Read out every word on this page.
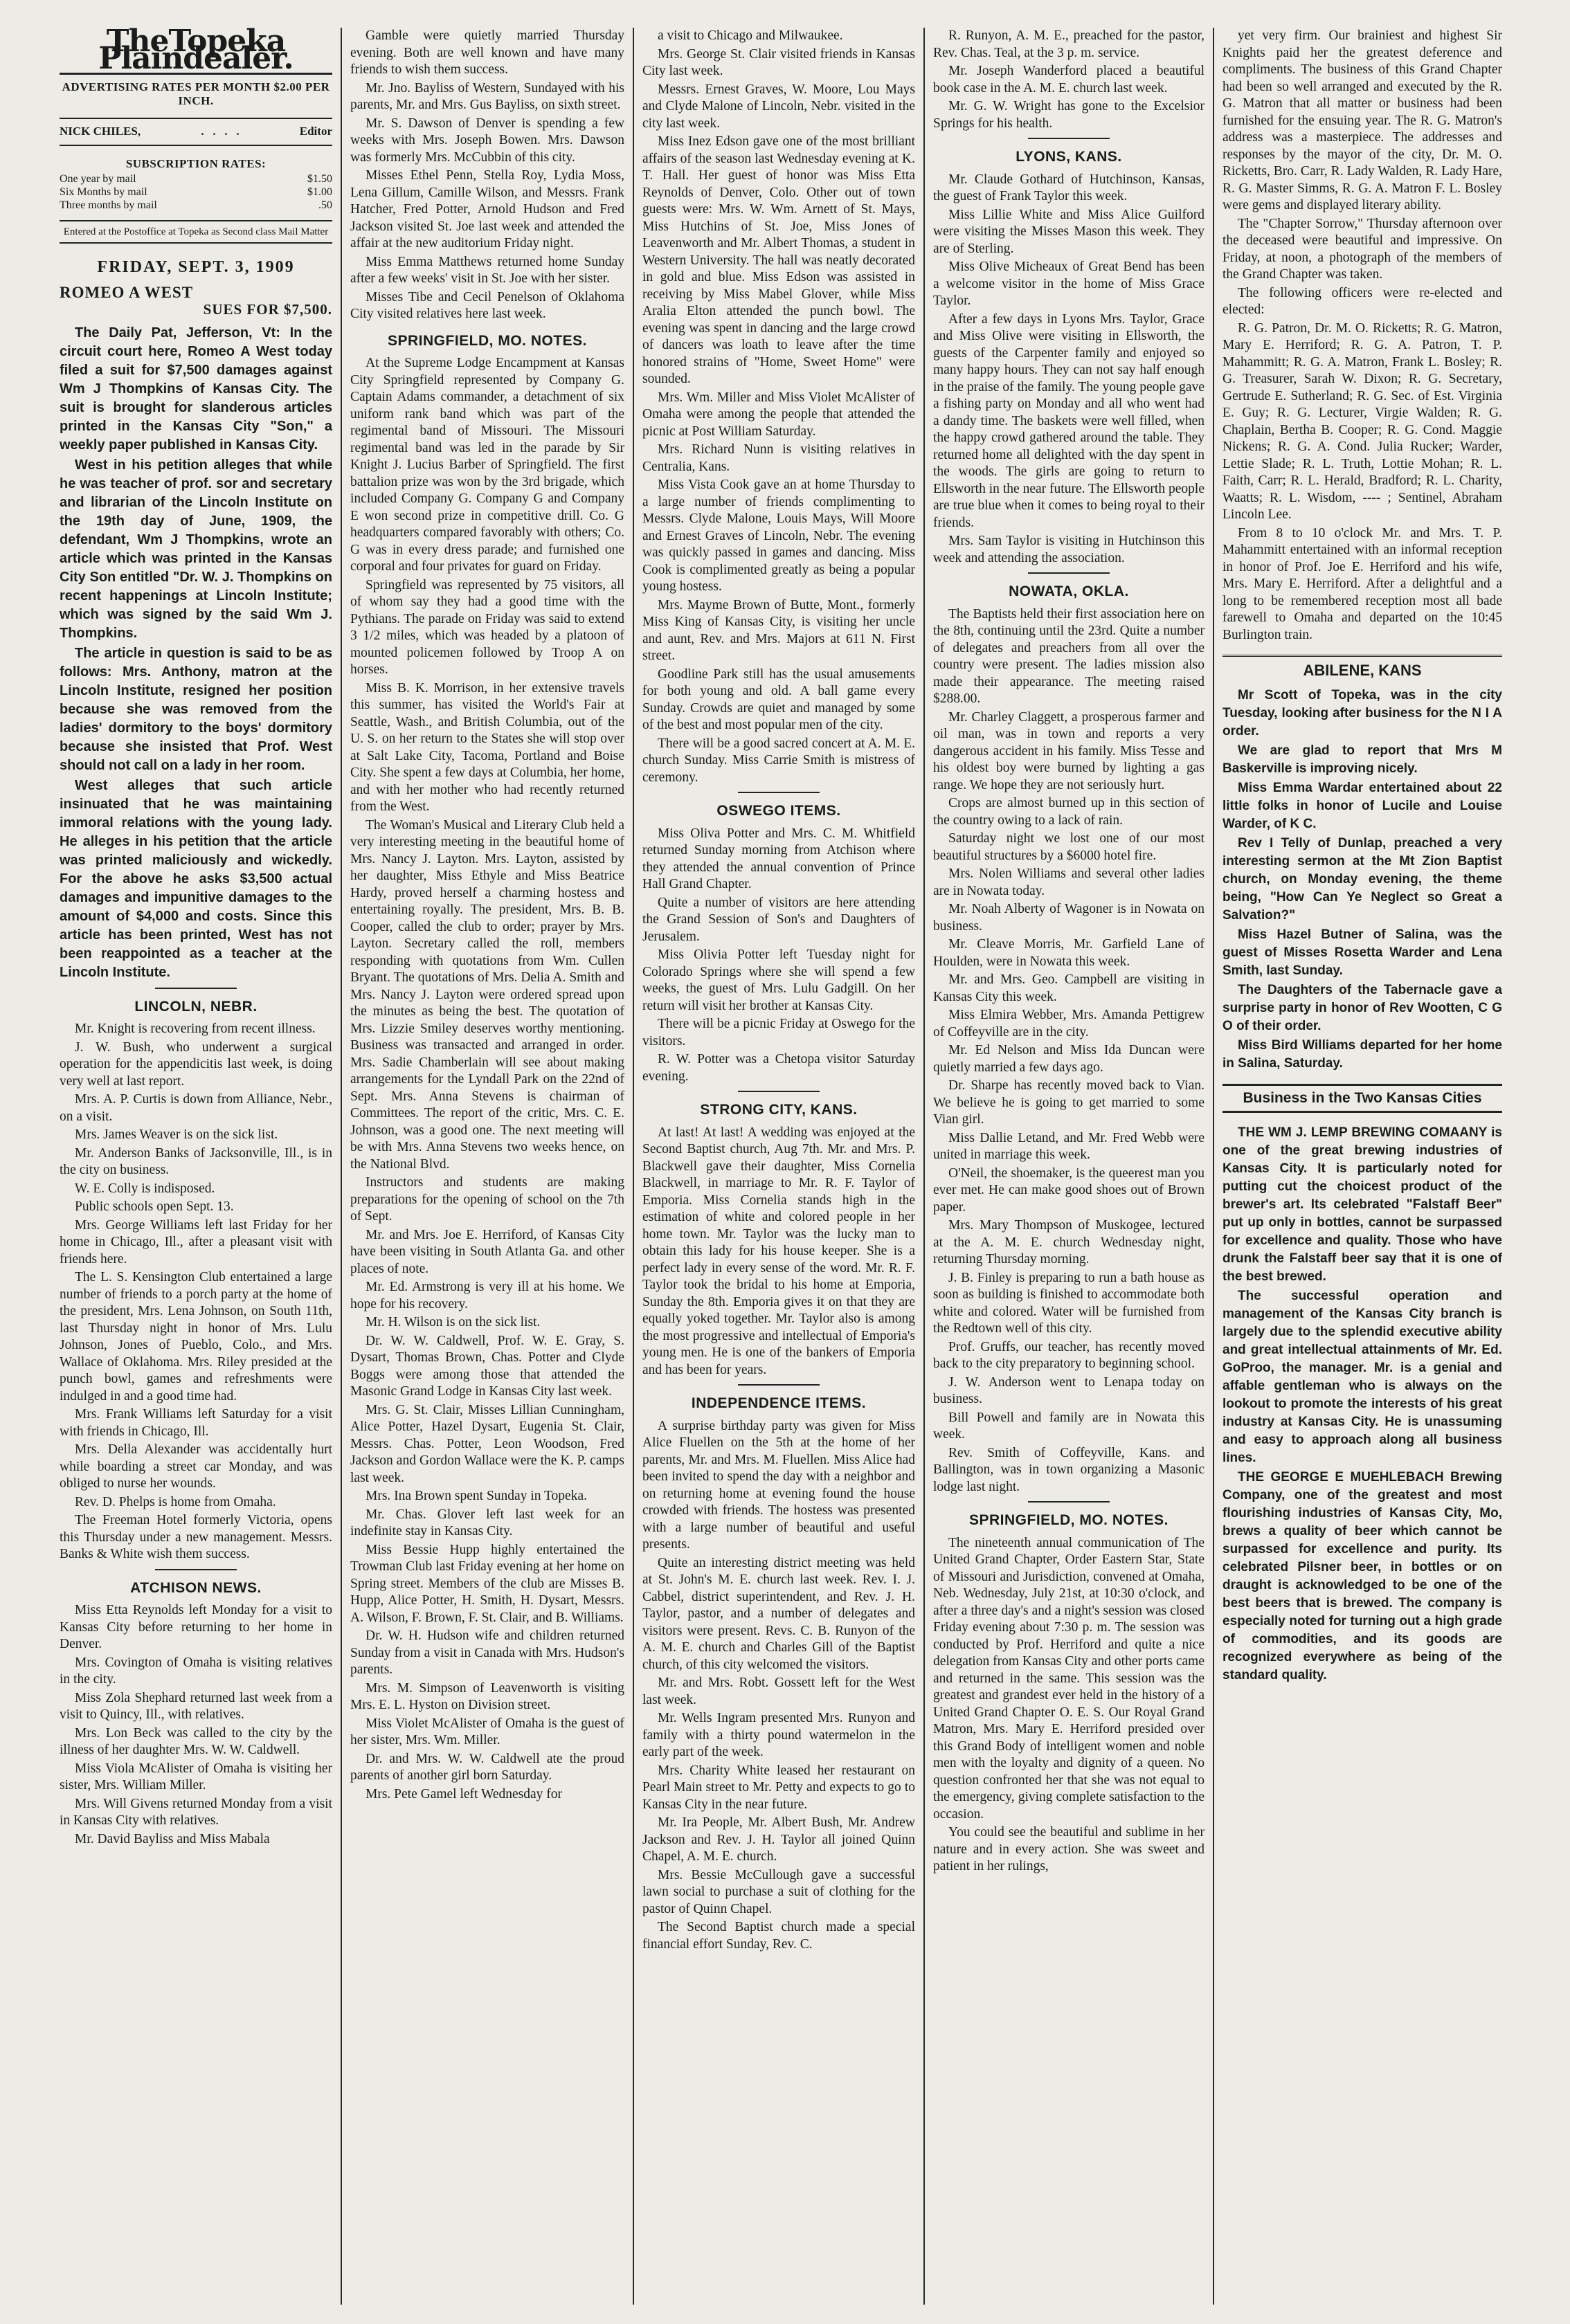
TheTopeka Plaindealer.
ADVERTISING RATES PER MONTH $2.00 PER INCH.
NICK CHILES,	.   .   .   .	Editor
SUBSCRIPTION RATES:
One year by mail	$1.50
Six Months by mail	$1.00
Three months by mail	.50
Entered at the Postoffice at Topeka as Second class Mail Matter
FRIDAY, SEPT. 3, 1909
ROMEO A WEST
SUES FOR $7,500.

The Daily Pat, Jefferson, Vt: In the circuit court here, Romeo A West today filed a suit for $7,500 damages against Wm J Thompkins of Kansas City. The suit is brought for slanderous articles printed in the Kansas City "Son," a weekly paper published in Kansas City.

West in his petition alleges that while he was teacher of prof. sor and secretary and librarian of the Lincoln Institute on the 19th day of June, 1909, the defendant, Wm J Thompkins, wrote an article which was printed in the Kansas City Son entitled "Dr. W. J. Thompkins on recent happenings at Lincoln Institute; which was signed by the said Wm J. Thompkins.

The article in question is said to be as follows: Mrs. Anthony, matron at the Lincoln Institute, resigned her position because she was removed from the ladies' dormitory to the boys' dormitory because she insisted that Prof. West should not call on a lady in her room.

West alleges that such article insinuated that he was maintaining immoral relations with the young lady. He alleges in his petition that the article was printed maliciously and wickedly. For the above he asks $3,500 actual damages and impunitive damages to the amount of $4,000 and costs. Since this article has been printed, West has not been reappointed as a teacher at the Lincoln Institute.

LINCOLN, NEBR.

Mr. Knight is recovering from recent illness.

J. W. Bush, who underwent a surgical operation for the appendicitis last week, is doing very well at last report.

Mrs. A. P. Curtis is down from Alliance, Nebr., on a visit.

Mrs. James Weaver is on the sick list.

Mr. Anderson Banks of Jacksonville, Ill., is in the city on business.

W. E. Colly is indisposed.

Public schools open Sept. 13.

Mrs. George Williams left last Friday for her home in Chicago, Ill., after a pleasant visit with friends here.

The L. S. Kensington Club entertained a large number of friends to a porch party at the home of the president, Mrs. Lena Johnson, on South 11th, last Thursday night in honor of Mrs. Lulu Johnson, Jones of Pueblo, Colo., and Mrs. Wallace of Oklahoma. Mrs. Riley presided at the punch bowl, games and refreshments were indulged in and a good time had.

Mrs. Frank Williams left Saturday for a visit with friends in Chicago, Ill.

Mrs. Della Alexander was accidentally hurt while boarding a street car Monday, and was obliged to nurse her wounds.

Rev. D. Phelps is home from Omaha.

The Freeman Hotel formerly Victoria, opens this Thursday under a new management. Messrs. Banks & White wish them success.

ATCHISON NEWS.

Miss Etta Reynolds left Monday for a visit to Kansas City before returning to her home in Denver.

Mrs. Covington of Omaha is visiting relatives in the city.

Miss Zola Shephard returned last week from a visit to Quincy, Ill., with relatives.

Mrs. Lon Beck was called to the city by the illness of her daughter Mrs. W. W. Caldwell.

Miss Viola McAlister of Omaha is visiting her sister, Mrs. William Miller.

Mrs. Will Givens returned Monday from a visit in Kansas City with relatives.

Mr. David Bayliss and Miss Mabala

Gamble were quietly married Thursday evening. Both are well known and have many friends to wish them success.

Mr. Jno. Bayliss of Western, Sundayed with his parents, Mr. and Mrs. Gus Bayliss, on sixth street.

Mr. S. Dawson of Denver is spending a few weeks with Mrs. Joseph Bowen. Mrs. Dawson was formerly Mrs. McCubbin of this city.

Misses Ethel Penn, Stella Roy, Lydia Moss, Lena Gillum, Camille Wilson, and Messrs. Frank Hatcher, Fred Potter, Arnold Hudson and Fred Jackson visited St. Joe last week and attended the affair at the new auditorium Friday night.

Miss Emma Matthews returned home Sunday after a few weeks' visit in St. Joe with her sister.

Misses Tibe and Cecil Penelson of Oklahoma City visited relatives here last week.

SPRINGFIELD, MO. NOTES.

At the Supreme Lodge Encampment at Kansas City Springfield represented by Company G. Captain Adams commander, a detachment of six uniform rank band which was part of the regimental band of Missouri. The Missouri regimental band was led in the parade by Sir Knight J. Lucius Barber of Springfield. The first battalion prize was won by the 3rd brigade, which included Company G. Company G and Company E won second prize in competitive drill. Co. G headquarters compared favorably with others; Co. G was in every dress parade; and furnished one corporal and four privates for guard on Friday.

Springfield was represented by 75 visitors, all of whom say they had a good time with the Pythians. The parade on Friday was said to extend 3 1/2 miles, which was headed by a platoon of mounted policemen followed by Troop A on horses.

Miss B. K. Morrison, in her extensive travels this summer, has visited the World's Fair at Seattle, Wash., and British Columbia, out of the U. S. on her return to the States she will stop over at Salt Lake City, Tacoma, Portland and Boise City. She spent a few days at Columbia, her home, and with her mother who had recently returned from the West.

The Woman's Musical and Literary Club held a very interesting meeting in the beautiful home of Mrs. Nancy J. Layton. Mrs. Layton, assisted by her daughter, Miss Ethyle and Miss Beatrice Hardy, proved herself a charming hostess and entertaining royally. The president, Mrs. B. B. Cooper, called the club to order; prayer by Mrs. Layton. Secretary called the roll, members responding with quotations from Wm. Cullen Bryant. The quotations of Mrs. Delia A. Smith and Mrs. Nancy J. Layton were ordered spread upon the minutes as being the best. The quotation of Mrs. Lizzie Smiley deserves worthy mentioning. Business was transacted and arranged in order. Mrs. Sadie Chamberlain will see about making arrangements for the Lyndall Park on the 22nd of Sept. Mrs. Anna Stevens is chairman of Committees. The report of the critic, Mrs. C. E. Johnson, was a good one. The next meeting will be with Mrs. Anna Stevens two weeks hence, on the National Blvd.

Instructors and students are making preparations for the opening of school on the 7th of Sept.

Mr. and Mrs. Joe E. Herriford, of Kansas City have been visiting in South Atlanta Ga. and other places of note.

Mr. Ed. Armstrong is very ill at his home. We hope for his recovery.

Mr. H. Wilson is on the sick list.

Dr. W. W. Caldwell, Prof. W. E. Gray, S. Dysart, Thomas Brown, Chas. Potter and Clyde Boggs were among those that attended the Masonic Grand Lodge in Kansas City last week.

Mrs. G. St. Clair, Misses Lillian Cunningham, Alice Potter, Hazel Dysart, Eugenia St. Clair, Messrs. Chas. Potter, Leon Woodson, Fred Jackson and Gordon Wallace were the K. P. camps last week.

Mrs. Ina Brown spent Sunday in Topeka.

Mr. Chas. Glover left last week for an indefinite stay in Kansas City.

Miss Bessie Hupp highly entertained the Trowman Club last Friday evening at her home on Spring street. Members of the club are Misses B. Hupp, Alice Potter, H. Smith, H. Dysart, Messrs. A. Wilson, F. Brown, F. St. Clair, and B. Williams.

Dr. W. H. Hudson wife and children returned Sunday from a visit in Canada with Mrs. Hudson's parents.

Mrs. M. Simpson of Leavenworth is visiting Mrs. E. L. Hyston on Division street.

Miss Violet McAlister of Omaha is the guest of her sister, Mrs. Wm. Miller.

Dr. and Mrs. W. W. Caldwell ate the proud parents of another girl born Saturday.

Mrs. Pete Gamel left Wednesday for

a visit to Chicago and Milwaukee.

Mrs. George St. Clair visited friends in Kansas City last week.

Messrs. Ernest Graves, W. Moore, Lou Mays and Clyde Malone of Lincoln, Nebr. visited in the city last week.

Miss Inez Edson gave one of the most brilliant affairs of the season last Wednesday evening at K. T. Hall. Her guest of honor was Miss Etta Reynolds of Denver, Colo. Other out of town guests were: Mrs. W. Wm. Arnett of St. Mays, Miss Hutchins of St. Joe, Miss Jones of Leavenworth and Mr. Albert Thomas, a student in Western University. The hall was neatly decorated in gold and blue. Miss Edson was assisted in receiving by Miss Mabel Glover, while Miss Aralia Elton attended the punch bowl. The evening was spent in dancing and the large crowd of dancers was loath to leave after the time honored strains of "Home, Sweet Home" were sounded.

Mrs. Wm. Miller and Miss Violet McAlister of Omaha were among the people that attended the picnic at Post William Saturday.

Mrs. Richard Nunn is visiting relatives in Centralia, Kans.

Miss Vista Cook gave an at home Thursday to a large number of friends complimenting to Messrs. Clyde Malone, Louis Mays, Will Moore and Ernest Graves of Lincoln, Nebr. The evening was quickly passed in games and dancing. Miss Cook is complimented greatly as being a popular young hostess.

Mrs. Mayme Brown of Butte, Mont., formerly Miss King of Kansas City, is visiting her uncle and aunt, Rev. and Mrs. Majors at 611 N. First street.

Goodline Park still has the usual amusements for both young and old. A ball game every Sunday. Crowds are quiet and managed by some of the best and most popular men of the city.

There will be a good sacred concert at A. M. E. church Sunday. Miss Carrie Smith is mistress of ceremony.

OSWEGO ITEMS.

Miss Oliva Potter and Mrs. C. M. Whitfield returned Sunday morning from Atchison where they attended the annual convention of Prince Hall Grand Chapter.

Quite a number of visitors are here attending the Grand Session of Son's and Daughters of Jerusalem.

Miss Olivia Potter left Tuesday night for Colorado Springs where she will spend a few weeks, the guest of Mrs. Lulu Gadgill. On her return will visit her brother at Kansas City.

There will be a picnic Friday at Oswego for the visitors.

R. W. Potter was a Chetopa visitor Saturday evening.

STRONG CITY, KANS.

At last! At last! A wedding was enjoyed at the Second Baptist church, Aug 7th. Mr. and Mrs. P. Blackwell gave their daughter, Miss Cornelia Blackwell, in marriage to Mr. R. F. Taylor of Emporia. Miss Cornelia stands high in the estimation of white and colored people in her home town. Mr. Taylor was the lucky man to obtain this lady for his house keeper. She is a perfect lady in every sense of the word. Mr. R. F. Taylor took the bridal to his home at Emporia, Sunday the 8th. Emporia gives it on that they are equally yoked together. Mr. Taylor also is among the most progressive and intellectual of Emporia's young men. He is one of the bankers of Emporia and has been for years.

INDEPENDENCE ITEMS.

A surprise birthday party was given for Miss Alice Fluellen on the 5th at the home of her parents, Mr. and Mrs. M. Fluellen. Miss Alice had been invited to spend the day with a neighbor and on returning home at evening found the house crowded with friends. The hostess was presented with a large number of beautiful and useful presents.

Quite an interesting district meeting was held at St. John's M. E. church last week. Rev. I. J. Cabbel, district superintendent, and Rev. J. H. Taylor, pastor, and a number of delegates and visitors were present. Revs. C. B. Runyon of the A. M. E. church and Charles Gill of the Baptist church, of this city welcomed the visitors.

Mr. and Mrs. Robt. Gossett left for the West last week.

Mr. Wells Ingram presented Mrs. Runyon and family with a thirty pound watermelon in the early part of the week.

Mrs. Charity White leased her restaurant on Pearl Main street to Mr. Petty and expects to go to Kansas City in the near future.

Mr. Ira People, Mr. Albert Bush, Mr. Andrew Jackson and Rev. J. H. Taylor all joined Quinn Chapel, A. M. E. church.

Mrs. Bessie McCullough gave a successful lawn social to purchase a suit of clothing for the pastor of Quinn Chapel.

The Second Baptist church made a special financial effort Sunday, Rev. C.

R. Runyon, A. M. E., preached for the pastor, Rev. Chas. Teal, at the 3 p. m. service.

Mr. Joseph Wanderford placed a beautiful book case in the A. M. E. church last week.

Mr. G. W. Wright has gone to the Excelsior Springs for his health.

LYONS, KANS.

Mr. Claude Gothard of Hutchinson, Kansas, the guest of Frank Taylor this week.

Miss Lillie White and Miss Alice Guilford were visiting the Misses Mason this week. They are of Sterling.

Miss Olive Micheaux of Great Bend has been a welcome visitor in the home of Miss Grace Taylor.

After a few days in Lyons Mrs. Taylor, Grace and Miss Olive were visiting in Ellsworth, the guests of the Carpenter family and enjoyed so many happy hours. They can not say half enough in the praise of the family. The young people gave a fishing party on Monday and all who went had a dandy time. The baskets were well filled, when the happy crowd gathered around the table. They returned home all delighted with the day spent in the woods. The girls are going to return to Ellsworth in the near future. The Ellsworth people are true blue when it comes to being royal to their friends.

Mrs. Sam Taylor is visiting in Hutchinson this week and attending the association.

NOWATA, OKLA.

The Baptists held their first association here on the 8th, continuing until the 23rd. Quite a number of delegates and preachers from all over the country were present. The ladies mission also made their appearance. The meeting raised $288.00.

Mr. Charley Claggett, a prosperous farmer and oil man, was in town and reports a very dangerous accident in his family. Miss Tesse and his oldest boy were burned by lighting a gas range. We hope they are not seriously hurt.

Crops are almost burned up in this section of the country owing to a lack of rain.

Saturday night we lost one of our most beautiful structures by a $6000 hotel fire.

Mrs. Nolen Williams and several other ladies are in Nowata today.

Mr. Noah Alberty of Wagoner is in Nowata on business.

Mr. Cleave Morris, Mr. Garfield Lane of Houlden, were in Nowata this week.

Mr. and Mrs. Geo. Campbell are visiting in Kansas City this week.

Miss Elmira Webber, Mrs. Amanda Pettigrew of Coffeyville are in the city.

Mr. Ed Nelson and Miss Ida Duncan were quietly married a few days ago.

Dr. Sharpe has recently moved back to Vian. We believe he is going to get married to some Vian girl.

Miss Dallie Letand, and Mr. Fred Webb were united in marriage this week.

O'Neil, the shoemaker, is the queerest man you ever met. He can make good shoes out of Brown paper.

Mrs. Mary Thompson of Muskogee, lectured at the A. M. E. church Wednesday night, returning Thursday morning.

J. B. Finley is preparing to run a bath house as soon as building is finished to accommodate both white and colored. Water will be furnished from the Redtown well of this city.

Prof. Gruffs, our teacher, has recently moved back to the city preparatory to beginning school.

J. W. Anderson went to Lenapa today on business.

Bill Powell and family are in Nowata this week.

Rev. Smith of Coffeyville, Kans. and Ballington, was in town organizing a Masonic lodge last night.

SPRINGFIELD, MO. NOTES.

The nineteenth annual communication of The United Grand Chapter, Order Eastern Star, State of Missouri and Jurisdiction, convened at Omaha, Neb. Wednesday, July 21st, at 10:30 o'clock, and after a three day's and a night's session was closed Friday evening about 7:30 p. m. The session was conducted by Prof. Herriford and quite a nice delegation from Kansas City and other ports came and returned in the same. This session was the greatest and grandest ever held in the history of a United Grand Chapter O. E. S. Our Royal Grand Matron, Mrs. Mary E. Herriford presided over this Grand Body of intelligent women and noble men with the loyalty and dignity of a queen. No question confronted her that she was not equal to the emergency, giving complete satisfaction to the occasion.

You could see the beautiful and sublime in her nature and in every action. She was sweet and patient in her rulings,

yet very firm. Our brainiest and highest Sir Knights paid her the greatest deference and compliments. The business of this Grand Chapter had been so well arranged and executed by the R. G. Matron that all matter or business had been furnished for the ensuing year. The R. G. Matron's address was a masterpiece. The addresses and responses by the mayor of the city, Dr. M. O. Ricketts, Bro. Carr, R. Lady Walden, R. Lady Hare, R. G. Master Simms, R. G. A. Matron F. L. Bosley were gems and displayed literary ability.

The "Chapter Sorrow," Thursday afternoon over the deceased were beautiful and impressive. On Friday, at noon, a photograph of the members of the Grand Chapter was taken.

The following officers were re-elected and elected:

R. G. Patron, Dr. M. O. Ricketts; R. G. Matron, Mary E. Herriford; R. G. A. Patron, T. P. Mahammitt; R. G. A. Matron, Frank L. Bosley; R. G. Treasurer, Sarah W. Dixon; R. G. Secretary, Gertrude E. Sutherland; R. G. Sec. of Est. Virginia E. Guy; R. G. Lecturer, Virgie Walden; R. G. Chaplain, Bertha B. Cooper; R. G. Cond. Maggie Nickens; R. G. A. Cond. Julia Rucker; Warder, Lettie Slade; R. L. Truth, Lottie Mohan; R. L. Faith, Carr; R. L. Herald, Bradford; R. L. Charity, Waatts; R. L. Wisdom, ---- ; Sentinel, Abraham Lincoln Lee.

From 8 to 10 o'clock Mr. and Mrs. T. P. Mahammitt entertained with an informal reception in honor of Prof. Joe E. Herriford and his wife, Mrs. Mary E. Herriford. After a delightful and a long to be remembered reception most all bade farewell to Omaha and departed on the 10:45 Burlington train.

ABILENE, KANS

Mr Scott of Topeka, was in the city Tuesday, looking after business for the N I A order.

We are glad to report that Mrs M Baskerville is improving nicely.

Miss Emma Wardar entertained about 22 little folks in honor of Lucile and Louise Warder, of K C.

Rev I Telly of Dunlap, preached a very interesting sermon at the Mt Zion Baptist church, on Monday evening, the theme being, "How Can Ye Neglect so Great a Salvation?"

Miss Hazel Butner of Salina, was the guest of Misses Rosetta Warder and Lena Smith, last Sunday.

The Daughters of the Tabernacle gave a surprise party in honor of Rev Wootten, C G O of their order.

Miss Bird Williams departed for her home in Salina, Saturday.

Business in the Two Kansas Cities

THE WM J. LEMP BREWING COMAANY is one of the great brewing industries of Kansas City. It is particularly noted for putting cut the choicest product of the brewer's art. Its celebrated "Falstaff Beer" put up only in bottles, cannot be surpassed for excellence and quality. Those who have drunk the Falstaff beer say that it is one of the best brewed.

The successful operation and management of the Kansas City branch is largely due to the splendid executive ability and great intellectual attainments of Mr. Ed. GoProo, the manager. Mr. is a genial and affable gentleman who is always on the lookout to promote the interests of his great industry at Kansas City. He is unassuming and easy to approach along all business lines.

THE GEORGE E MUEHLEBACH Brewing Company, one of the greatest and most flourishing industries of Kansas City, Mo, brews a quality of beer which cannot be surpassed for excellence and purity. Its celebrated Pilsner beer, in bottles or on draught is acknowledged to be one of the best beers that is brewed. The company is especially noted for turning out a high grade of commodities, and its goods are recognized everywhere as being of the standard quality.
